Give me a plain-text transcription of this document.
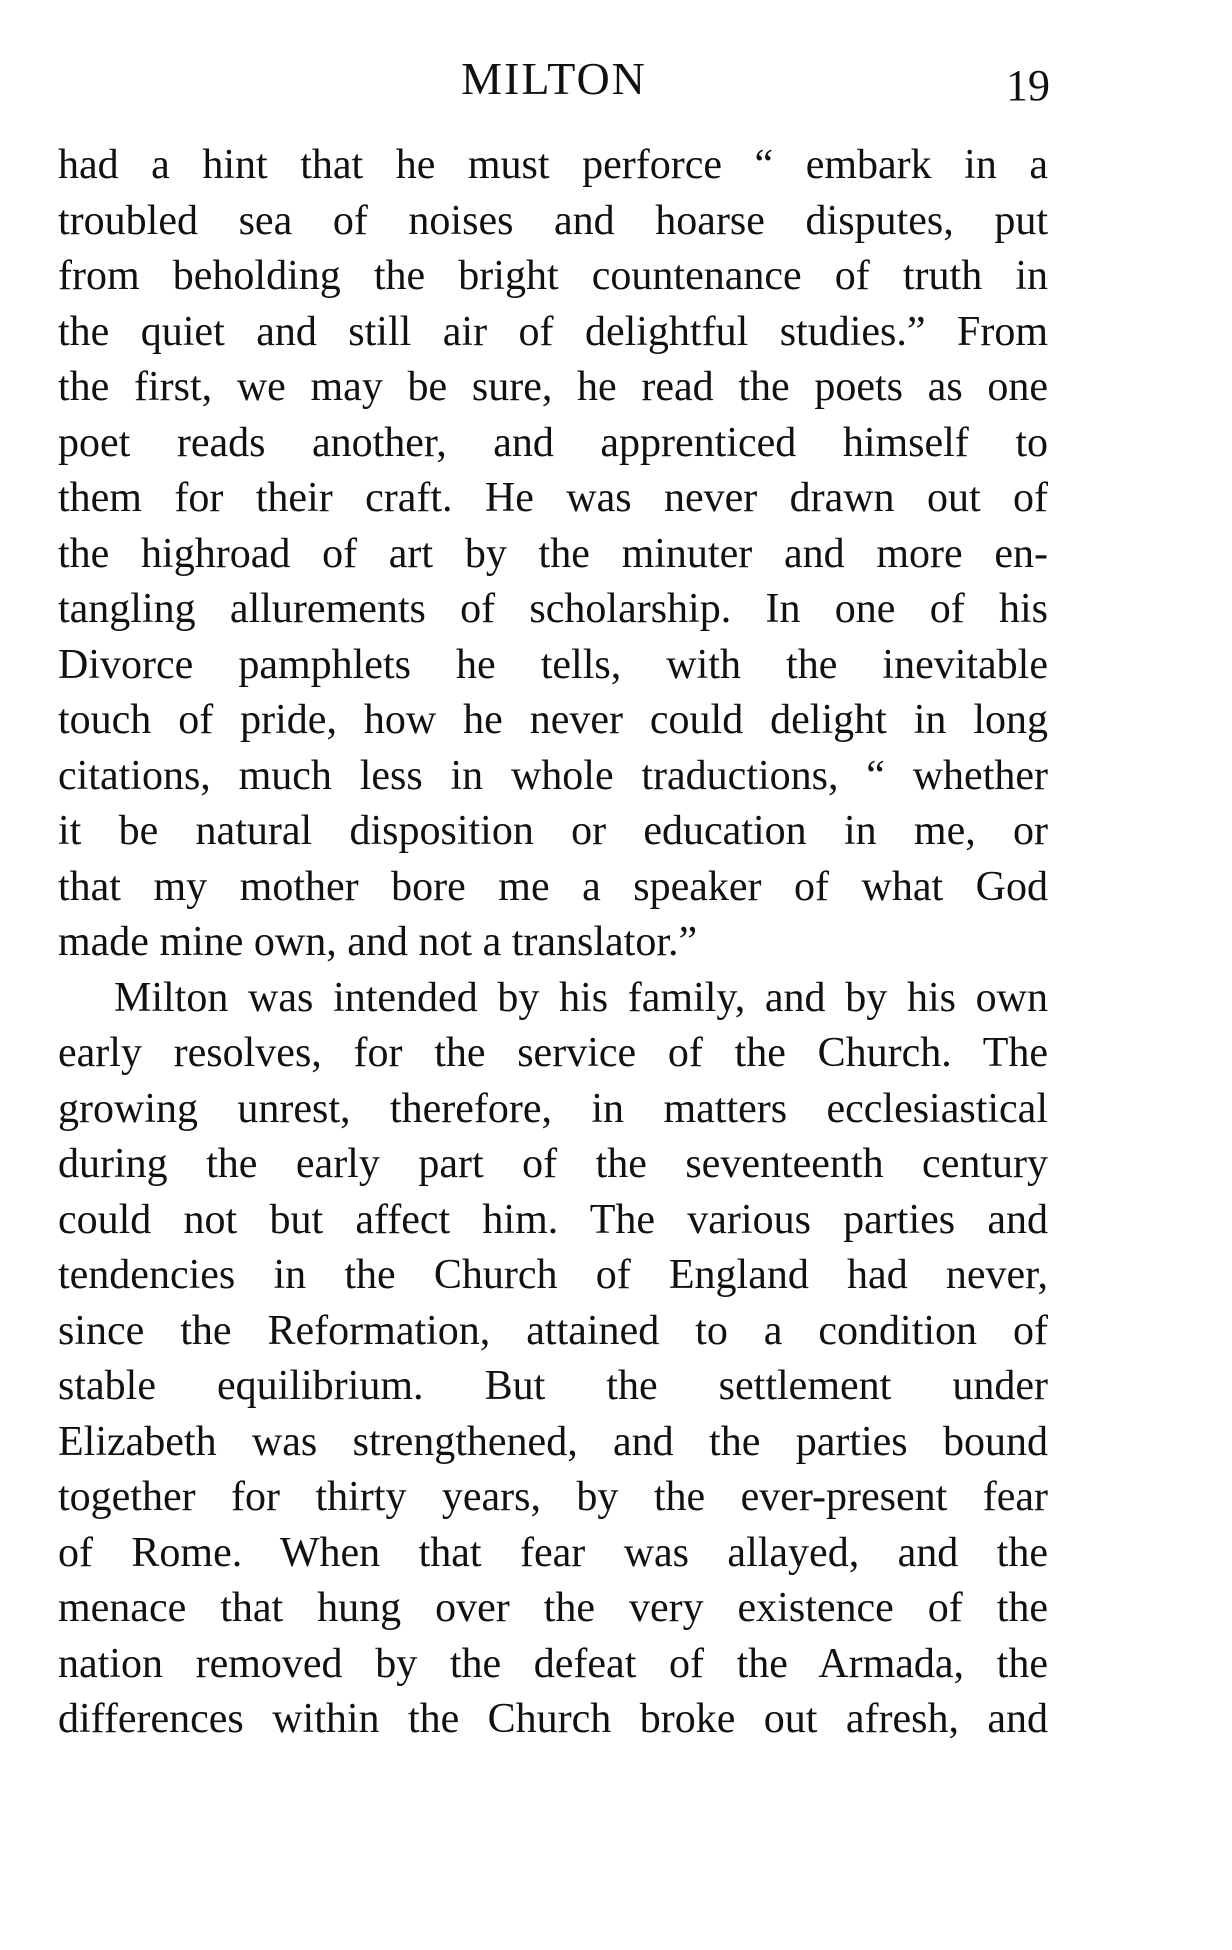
MILTON	19
had a hint that he must perforce “ embark in a
troubled sea of noises and hoarse disputes, put
from beholding the bright countenance of truth in
the quiet and still air of delightful studies.” From
the first, we may be sure, he read the poets as one
poet reads another, and apprenticed himself to
them for their craft. He was never drawn out of
the highroad of art by the minuter and more en-
tangling allurements of scholarship. In one of his
Divorce pamphlets he tells, with the inevitable
touch of pride, how he never could delight in long
citations, much less in whole traductions, “ whether
it be natural disposition or education in me, or
that my mother bore me a speaker of what God
made mine own, and not a translator.”
Milton was intended by his family, and by his own
early resolves, for the service of the Church. The
growing unrest, therefore, in matters ecclesiastical
during the early part of the seventeenth century
could not but affect him. The various parties and
tendencies in the Church of England had never,
since the Reformation, attained to a condition of
stable equilibrium. But the settlement under
Elizabeth was strengthened, and the parties bound
together for thirty years, by the ever-present fear
of Rome. When that fear was allayed, and the
menace that hung over the very existence of the
nation removed by the defeat of the Armada, the
differences within the Church broke out afresh, and
